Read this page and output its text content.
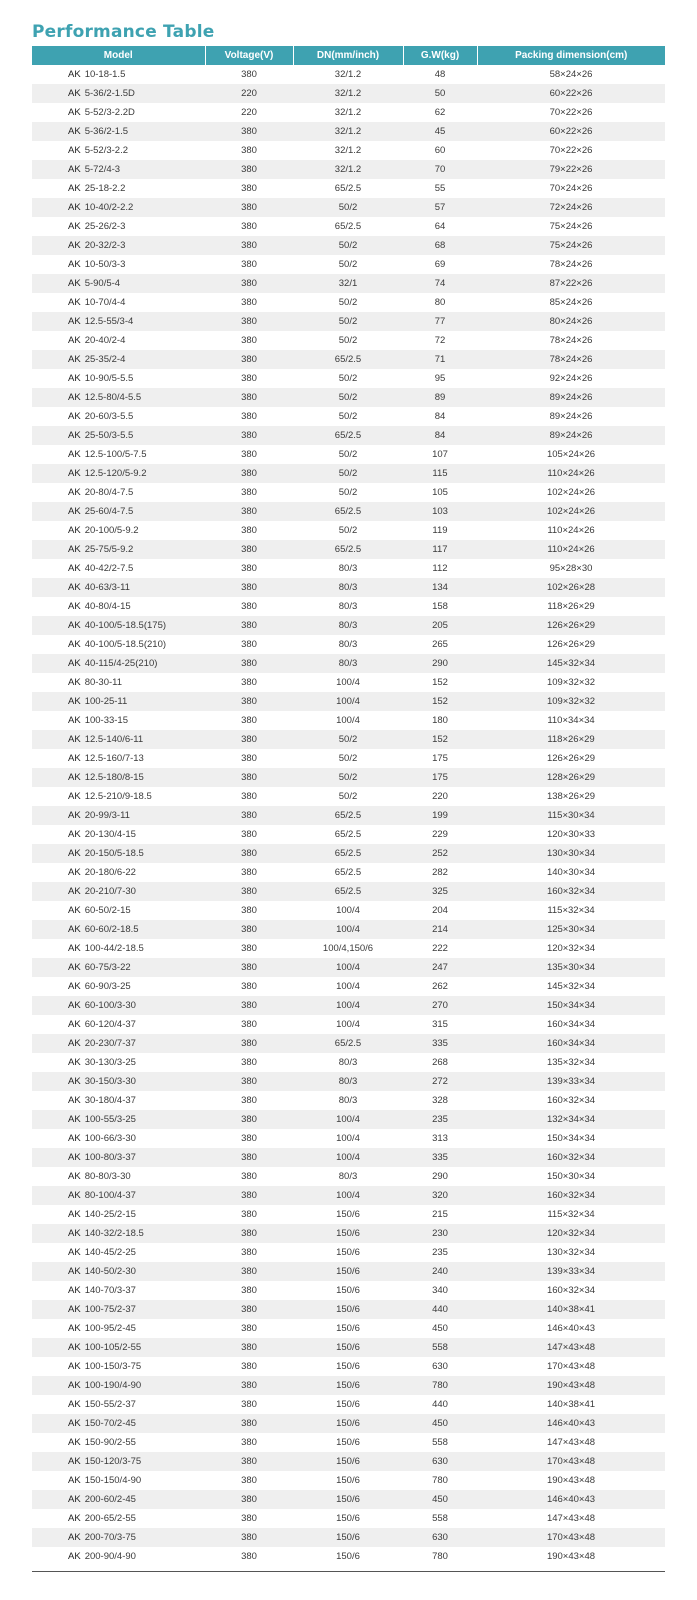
Performance Table
Model	Voltage(V)	DN(mm/inch)	G.W(kg)	Packing dimension(cm)
AK 10-18-1.5	380	32/1.2	48	58×24×26
AK 5-36/2-1.5D	220	32/1.2	50	60×22×26
AK 5-52/3-2.2D	220	32/1.2	62	70×22×26
AK 5-36/2-1.5	380	32/1.2	45	60×22×26
AK 5-52/3-2.2	380	32/1.2	60	70×22×26
AK 5-72/4-3	380	32/1.2	70	79×22×26
AK 25-18-2.2	380	65/2.5	55	70×24×26
AK 10-40/2-2.2	380	50/2	57	72×24×26
AK 25-26/2-3	380	65/2.5	64	75×24×26
AK 20-32/2-3	380	50/2	68	75×24×26
AK 10-50/3-3	380	50/2	69	78×24×26
AK 5-90/5-4	380	32/1	74	87×22×26
AK 10-70/4-4	380	50/2	80	85×24×26
AK 12.5-55/3-4	380	50/2	77	80×24×26
AK 20-40/2-4	380	50/2	72	78×24×26
AK 25-35/2-4	380	65/2.5	71	78×24×26
AK 10-90/5-5.5	380	50/2	95	92×24×26
AK 12.5-80/4-5.5	380	50/2	89	89×24×26
AK 20-60/3-5.5	380	50/2	84	89×24×26
AK 25-50/3-5.5	380	65/2.5	84	89×24×26
AK 12.5-100/5-7.5	380	50/2	107	105×24×26
AK 12.5-120/5-9.2	380	50/2	115	110×24×26
AK 20-80/4-7.5	380	50/2	105	102×24×26
AK 25-60/4-7.5	380	65/2.5	103	102×24×26
AK 20-100/5-9.2	380	50/2	119	110×24×26
AK 25-75/5-9.2	380	65/2.5	117	110×24×26
AK 40-42/2-7.5	380	80/3	112	95×28×30
AK 40-63/3-11	380	80/3	134	102×26×28
AK 40-80/4-15	380	80/3	158	118×26×29
AK 40-100/5-18.5(175)	380	80/3	205	126×26×29
AK 40-100/5-18.5(210)	380	80/3	265	126×26×29
AK 40-115/4-25(210)	380	80/3	290	145×32×34
AK 80-30-11	380	100/4	152	109×32×32
AK 100-25-11	380	100/4	152	109×32×32
AK 100-33-15	380	100/4	180	110×34×34
AK 12.5-140/6-11	380	50/2	152	118×26×29
AK 12.5-160/7-13	380	50/2	175	126×26×29
AK 12.5-180/8-15	380	50/2	175	128×26×29
AK 12.5-210/9-18.5	380	50/2	220	138×26×29
AK 20-99/3-11	380	65/2.5	199	115×30×34
AK 20-130/4-15	380	65/2.5	229	120×30×33
AK 20-150/5-18.5	380	65/2.5	252	130×30×34
AK 20-180/6-22	380	65/2.5	282	140×30×34
AK 20-210/7-30	380	65/2.5	325	160×32×34
AK 60-50/2-15	380	100/4	204	115×32×34
AK 60-60/2-18.5	380	100/4	214	125×30×34
AK 100-44/2-18.5	380	100/4,150/6	222	120×32×34
AK 60-75/3-22	380	100/4	247	135×30×34
AK 60-90/3-25	380	100/4	262	145×32×34
AK 60-100/3-30	380	100/4	270	150×34×34
AK 60-120/4-37	380	100/4	315	160×34×34
AK 20-230/7-37	380	65/2.5	335	160×34×34
AK 30-130/3-25	380	80/3	268	135×32×34
AK 30-150/3-30	380	80/3	272	139×33×34
AK 30-180/4-37	380	80/3	328	160×32×34
AK 100-55/3-25	380	100/4	235	132×34×34
AK 100-66/3-30	380	100/4	313	150×34×34
AK 100-80/3-37	380	100/4	335	160×32×34
AK 80-80/3-30	380	80/3	290	150×30×34
AK 80-100/4-37	380	100/4	320	160×32×34
AK 140-25/2-15	380	150/6	215	115×32×34
AK 140-32/2-18.5	380	150/6	230	120×32×34
AK 140-45/2-25	380	150/6	235	130×32×34
AK 140-50/2-30	380	150/6	240	139×33×34
AK 140-70/3-37	380	150/6	340	160×32×34
AK 100-75/2-37	380	150/6	440	140×38×41
AK 100-95/2-45	380	150/6	450	146×40×43
AK 100-105/2-55	380	150/6	558	147×43×48
AK 100-150/3-75	380	150/6	630	170×43×48
AK 100-190/4-90	380	150/6	780	190×43×48
AK 150-55/2-37	380	150/6	440	140×38×41
AK 150-70/2-45	380	150/6	450	146×40×43
AK 150-90/2-55	380	150/6	558	147×43×48
AK 150-120/3-75	380	150/6	630	170×43×48
AK 150-150/4-90	380	150/6	780	190×43×48
AK 200-60/2-45	380	150/6	450	146×40×43
AK 200-65/2-55	380	150/6	558	147×43×48
AK 200-70/3-75	380	150/6	630	170×43×48
AK 200-90/4-90	380	150/6	780	190×43×48
